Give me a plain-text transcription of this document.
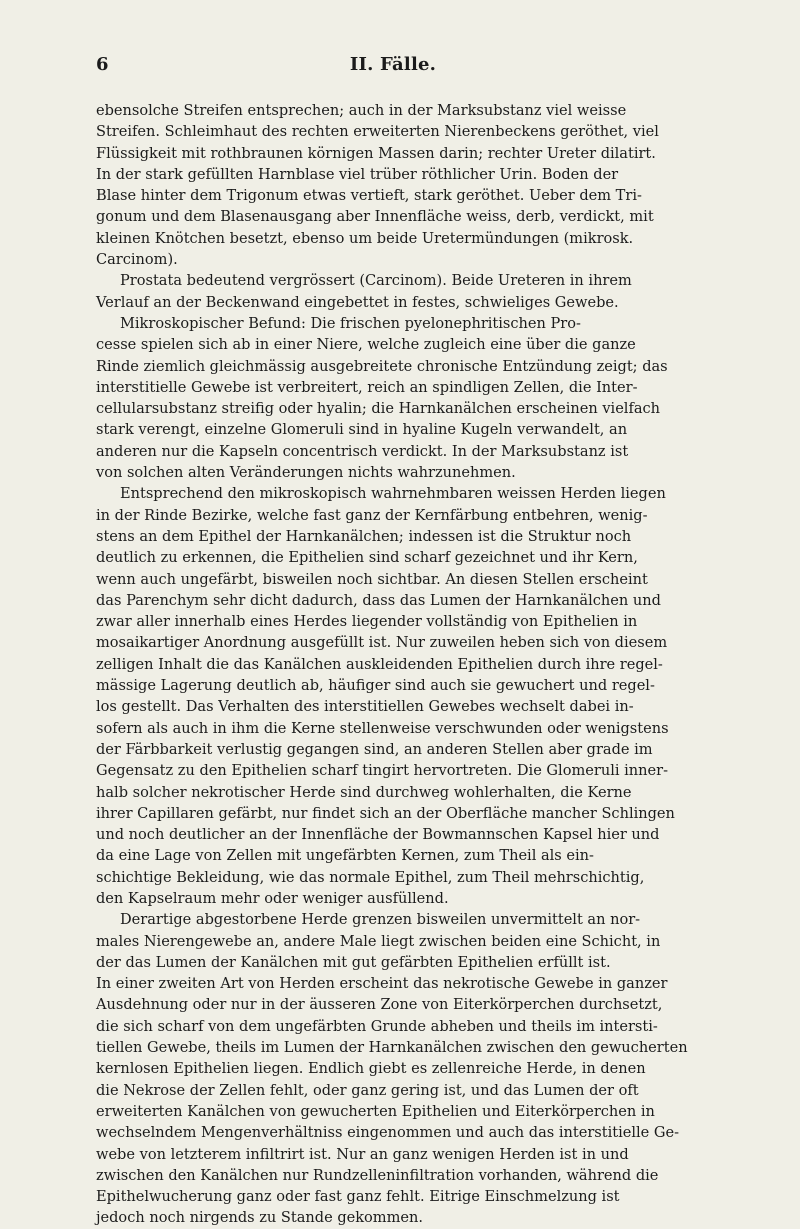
6	II. Fälle.
ebensolche Streifen entsprechen; auch in der Marksubstanz viel weisse
Streifen. Schleimhaut des rechten erweiterten Nierenbeckens geröthet, viel
Flüssigkeit mit rothbraunen körnigen Massen darin; rechter Ureter dilatirt.
In der stark gefüllten Harnblase viel trüber röthlicher Urin. Boden der
Blase hinter dem Trigonum etwas vertieft, stark geröthet. Ueber dem Tri-
gonum und dem Blasenausgang aber Innenfläche weiss, derb, verdickt, mit
kleinen Knötchen besetzt, ebenso um beide Uretermündungen (mikrosk.
Carcinom).
Prostata bedeutend vergrössert (Carcinom). Beide Ureteren in ihrem
Verlauf an der Beckenwand eingebettet in festes, schwieliges Gewebe.
Mikroskopischer Befund: Die frischen pyelonephritischen Pro-
cesse spielen sich ab in einer Niere, welche zugleich eine über die ganze
Rinde ziemlich gleichmässig ausgebreitete chronische Entzündung zeigt; das
interstitielle Gewebe ist verbreitert, reich an spindligen Zellen, die Inter-
cellularsubstanz streifig oder hyalin; die Harnkanälchen erscheinen vielfach
stark verengt, einzelne Glomeruli sind in hyaline Kugeln verwandelt, an
anderen nur die Kapseln concentrisch verdickt. In der Marksubstanz ist
von solchen alten Veränderungen nichts wahrzunehmen.
Entsprechend den mikroskopisch wahrnehmbaren weissen Herden liegen
in der Rinde Bezirke, welche fast ganz der Kernfärbung entbehren, wenig-
stens an dem Epithel der Harnkanälchen; indessen ist die Struktur noch
deutlich zu erkennen, die Epithelien sind scharf gezeichnet und ihr Kern,
wenn auch ungefärbt, bisweilen noch sichtbar. An diesen Stellen erscheint
das Parenchym sehr dicht dadurch, dass das Lumen der Harnkanälchen und
zwar aller innerhalb eines Herdes liegender vollständig von Epithelien in
mosaikartiger Anordnung ausgefüllt ist. Nur zuweilen heben sich von diesem
zelligen Inhalt die das Kanälchen auskleidenden Epithelien durch ihre regel-
mässige Lagerung deutlich ab, häufiger sind auch sie gewuchert und regel-
los gestellt. Das Verhalten des interstitiellen Gewebes wechselt dabei in-
sofern als auch in ihm die Kerne stellenweise verschwunden oder wenigstens
der Färbbarkeit verlustig gegangen sind, an anderen Stellen aber grade im
Gegensatz zu den Epithelien scharf tingirt hervortreten. Die Glomeruli inner-
halb solcher nekrotischer Herde sind durchweg wohlerhalten, die Kerne
ihrer Capillaren gefärbt, nur findet sich an der Oberfläche mancher Schlingen
und noch deutlicher an der Innenfläche der Bowmannschen Kapsel hier und
da eine Lage von Zellen mit ungefärbten Kernen, zum Theil als ein-
schichtige Bekleidung, wie das normale Epithel, zum Theil mehrschichtig,
den Kapselraum mehr oder weniger ausfüllend.
Derartige abgestorbene Herde grenzen bisweilen unvermittelt an nor-
males Nierengewebe an, andere Male liegt zwischen beiden eine Schicht, in
der das Lumen der Kanälchen mit gut gefärbten Epithelien erfüllt ist.
In einer zweiten Art von Herden erscheint das nekrotische Gewebe in ganzer
Ausdehnung oder nur in der äusseren Zone von Eiterkörperchen durchsetzt,
die sich scharf von dem ungefärbten Grunde abheben und theils im intersti-
tiellen Gewebe, theils im Lumen der Harnkanälchen zwischen den gewucherten
kernlosen Epithelien liegen. Endlich giebt es zellenreiche Herde, in denen
die Nekrose der Zellen fehlt, oder ganz gering ist, und das Lumen der oft
erweiterten Kanälchen von gewucherten Epithelien und Eiterkörperchen in
wechselndem Mengenverhältniss eingenommen und auch das interstitielle Ge-
webe von letzterem infiltrirt ist. Nur an ganz wenigen Herden ist in und
zwischen den Kanälchen nur Rundzelleninfiltration vorhanden, während die
Epithelwucherung ganz oder fast ganz fehlt. Eitrige Einschmelzung ist
jedoch noch nirgends zu Stande gekommen.
